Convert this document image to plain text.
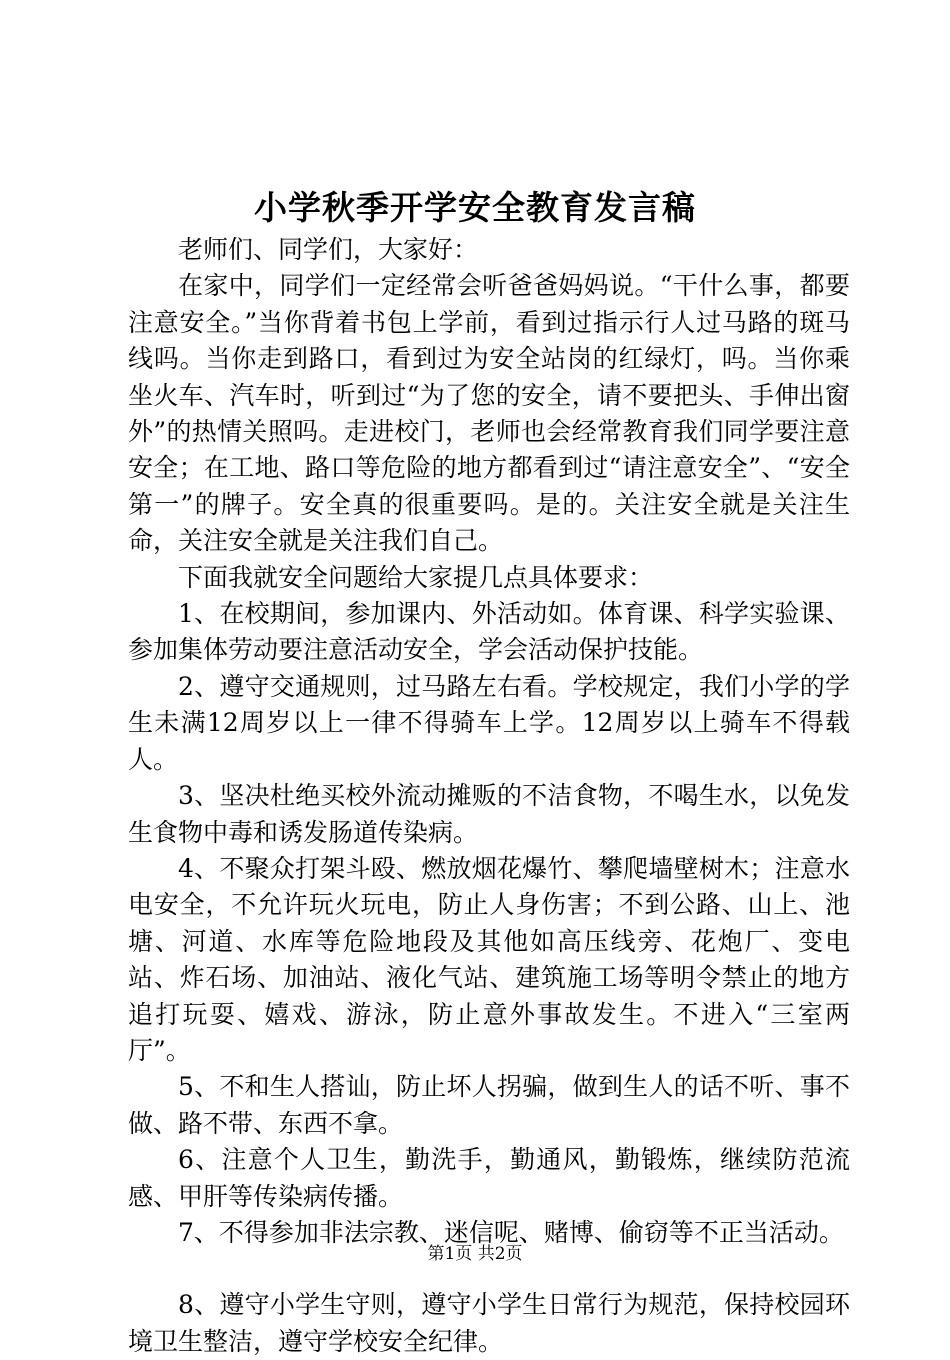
小学秋季开学安全教育发言稿

老师们、同学们，大家好：

在家中，同学们一定经常会听爸爸妈妈说。“干什么事，都要注意安全。”当你背着书包上学前，看到过指示行人过马路的斑马线吗。当你走到路口，看到过为安全站岗的红绿灯，吗。当你乘坐火车、汽车时，听到过“为了您的安全，请不要把头、手伸出窗外”的热情关照吗。走进校门，老师也会经常教育我们同学要注意安全；在工地、路口等危险的地方都看到过“请注意安全”、“安全第一”的牌子。安全真的很重要吗。是的。关注安全就是关注生命，关注安全就是关注我们自己。

下面我就安全问题给大家提几点具体要求：

1、在校期间，参加课内、外活动如。体育课、科学实验课、参加集体劳动要注意活动安全，学会活动保护技能。

2、遵守交通规则，过马路左右看。学校规定，我们小学的学生未满12周岁以上一律不得骑车上学。12周岁以上骑车不得载人。

3、坚决杜绝买校外流动摊贩的不洁食物，不喝生水，以免发生食物中毒和诱发肠道传染病。

4、不聚众打架斗殴、燃放烟花爆竹、攀爬墙壁树木；注意水电安全，不允许玩火玩电，防止人身伤害；不到公路、山上、池塘、河道、水库等危险地段及其他如高压线旁、花炮厂、变电站、炸石场、加油站、液化气站、建筑施工场等明令禁止的地方追打玩耍、嬉戏、游泳，防止意外事故发生。不进入“三室两厅”。

5、不和生人搭讪，防止坏人拐骗，做到生人的话不听、事不做、路不带、东西不拿。

6、注意个人卫生，勤洗手，勤通风，勤锻炼，继续防范流感、甲肝等传染病传播。

7、不得参加非法宗教、迷信呢、赌博、偷窃等不正当活动。

8、遵守小学生守则，遵守小学生日常行为规范，保持校园环境卫生整洁，遵守学校安全纪律。

第1页 共2页
